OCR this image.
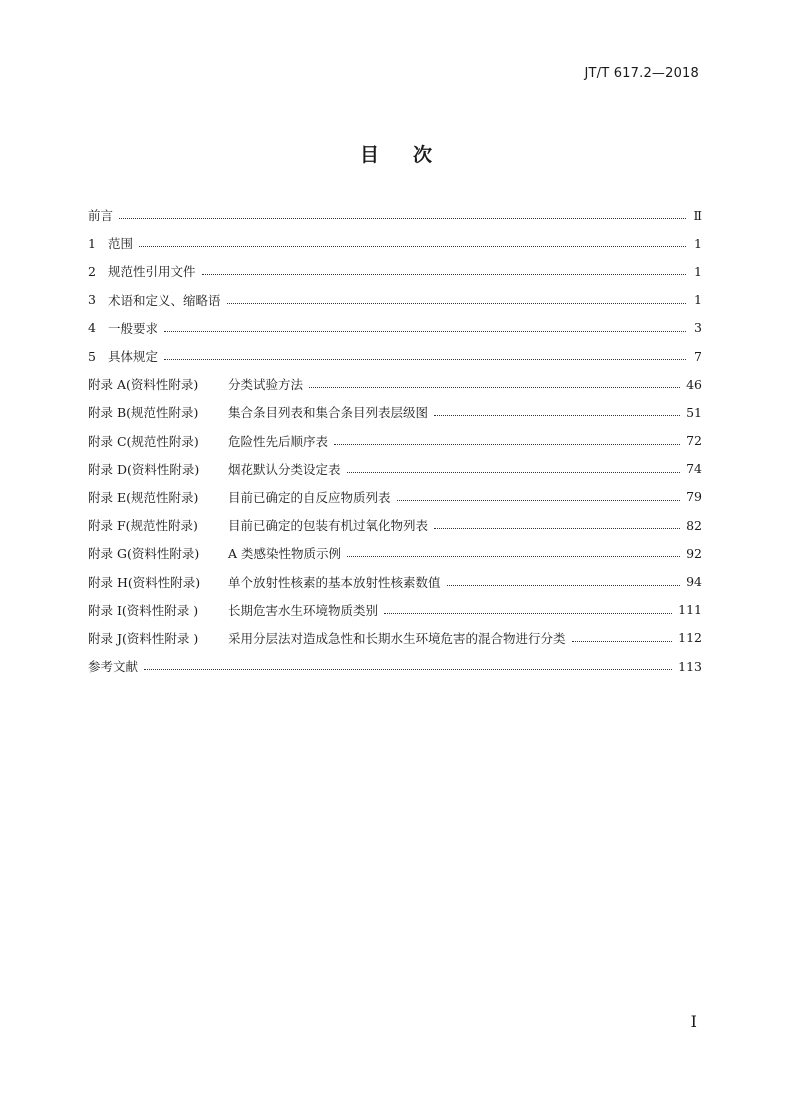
JT/T 617.2—2018
目 次
前言	Ⅱ
1 范围	1
2 规范性引用文件	1
3 术语和定义、缩略语	1
4 一般要求	3
5 具体规定	7
附录 A(资料性附录)	分类试验方法	46
附录 B(规范性附录)	集合条目列表和集合条目列表层级图	51
附录 C(规范性附录)	危险性先后顺序表	72
附录 D(资料性附录)	烟花默认分类设定表	74
附录 E(规范性附录)	目前已确定的自反应物质列表	79
附录 F(规范性附录)	目前已确定的包装有机过氧化物列表	82
附录 G(资料性附录)	A 类感染性物质示例	92
附录 H(资料性附录)	单个放射性核素的基本放射性核素数值	94
附录 I(资料性附录 )	长期危害水生环境物质类别	111
附录 J(资料性附录 )	采用分层法对造成急性和长期水生环境危害的混合物进行分类	112
参考文献	113
I
